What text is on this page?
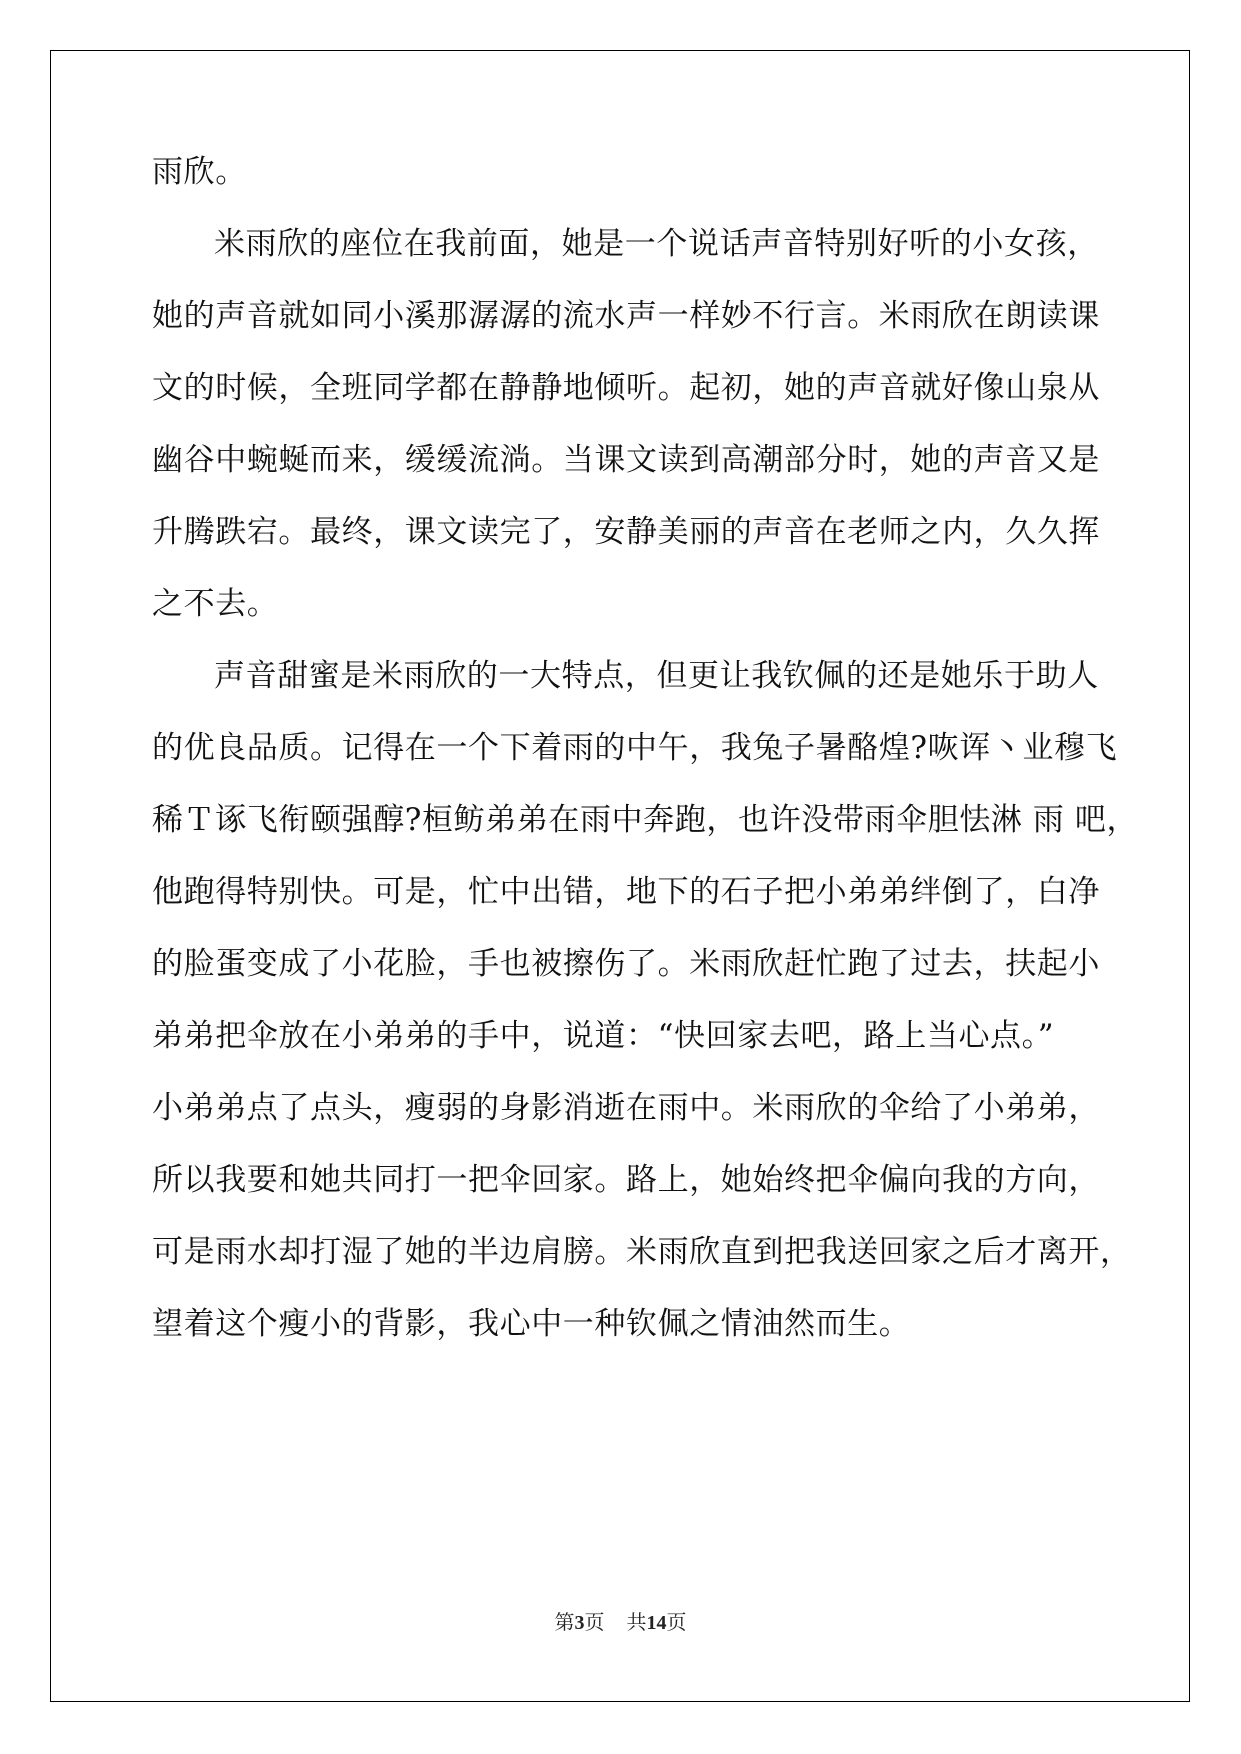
雨欣。

米雨欣的座位在我前面，她是一个说话声音特别好听的小女孩，

她的声音就如同小溪那潺潺的流水声一样妙不行言。米雨欣在朗读课

文的时候，全班同学都在静静地倾听。起初，她的声音就好像山泉从

幽谷中蜿蜒而来，缓缓流淌。当课文读到高潮部分时，她的声音又是

升腾跌宕。最终，课文读完了，安静美丽的声音在老师之内，久久挥

之不去。

声音甜蜜是米雨欣的一大特点，但更让我钦佩的还是她乐于助人

的优良品质。记得在一个下着雨的中午，我兔子暑酪煌?咴诨丶业穆飞

稀Ｔ诼飞衔颐强醇?桓鲂弟弟在雨中奔跑，也许没带雨伞胆怯淋 雨 吧，

他跑得特别快。可是，忙中出错，地下的石子把小弟弟绊倒了，白净

的脸蛋变成了小花脸，手也被擦伤了。米雨欣赶忙跑了过去，扶起小

弟弟把伞放在小弟弟的手中，说道：“快回家去吧，路上当心点。”

小弟弟点了点头，瘦弱的身影消逝在雨中。米雨欣的伞给了小弟弟，

所以我要和她共同打一把伞回家。路上，她始终把伞偏向我的方向，

可是雨水却打湿了她的半边肩膀。米雨欣直到把我送回家之后才离开，

望着这个瘦小的背影，我心中一种钦佩之情油然而生。

第3页 共14页
